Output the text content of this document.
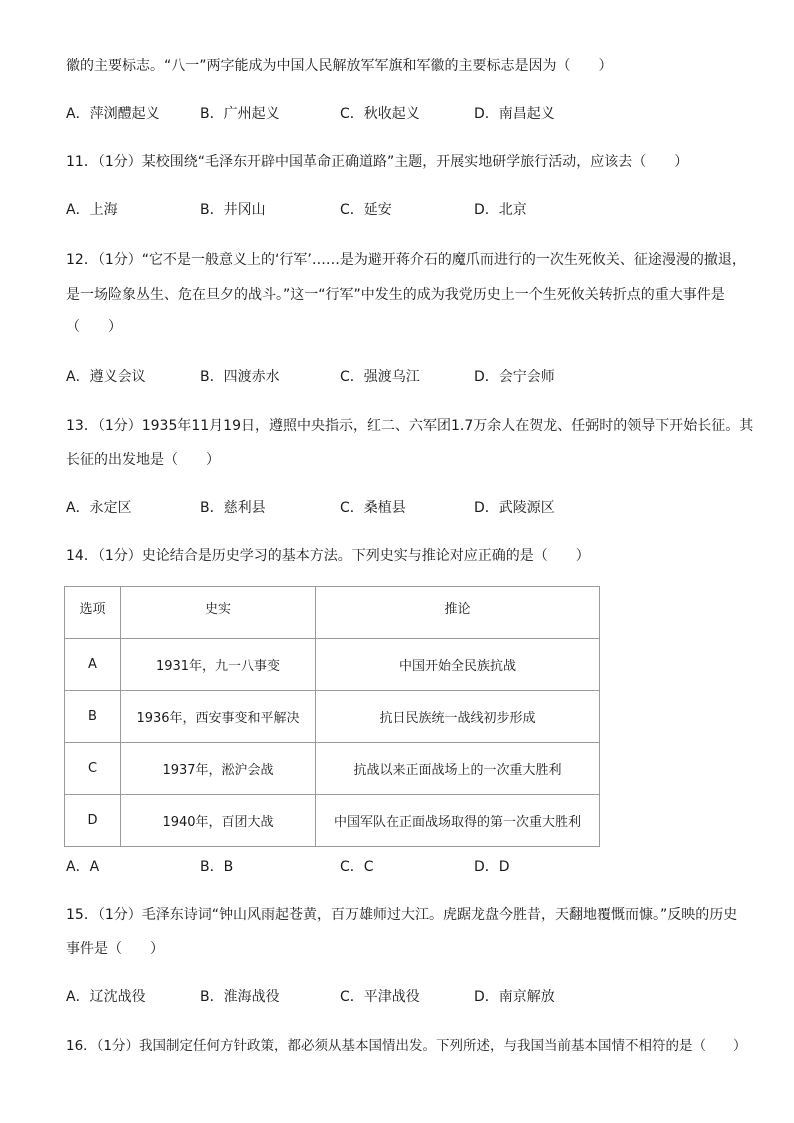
徽的主要标志。“八一”两字能成为中国人民解放军军旗和军徽的主要标志是因为（　　）
A．萍浏醴起义	B．广州起义	C．秋收起义	D．南昌起义
11．（1分）某校围绕“毛泽东开辟中国革命正确道路”主题，开展实地研学旅行活动，应该去（　　）
A．上海	B．井冈山	C．延安	D．北京
12．（1分）“它不是一般意义上的‘行军’……是为避开蒋介石的魔爪而进行的一次生死攸关、征途漫漫的撤退，
是一场险象丛生、危在旦夕的战斗。”这一“行军”中发生的成为我党历史上一个生死攸关转折点的重大事件是
（　　）
A．遵义会议	B．四渡赤水	C．强渡乌江	D．会宁会师
13．（1分）1935年11月19日，遵照中央指示，红二、六军团1.7万余人在贺龙、任弼时的领导下开始长征。其
长征的出发地是（　　）
A．永定区	B．慈利县	C．桑植县	D．武陵源区
14．（1分）史论结合是历史学习的基本方法。下列史实与推论对应正确的是（　　）
选项	史实	推论
A	1931年，九一八事变	中国开始全民族抗战
B	1936年，西安事变和平解决	抗日民族统一战线初步形成
C	1937年，淞沪会战	抗战以来正面战场上的一次重大胜利
D	1940年，百团大战	中国军队在正面战场取得的第一次重大胜利
A．A	B．B	C．C	D．D
15．（1分）毛泽东诗词“钟山风雨起苍黄，百万雄师过大江。虎踞龙盘今胜昔，天翻地覆慨而慷。”反映的历史
事件是（　　）
A．辽沈战役	B．淮海战役	C．平津战役	D．南京解放
16．（1分）我国制定任何方针政策，都必须从基本国情出发。下列所述，与我国当前基本国情不相符的是（　　）
